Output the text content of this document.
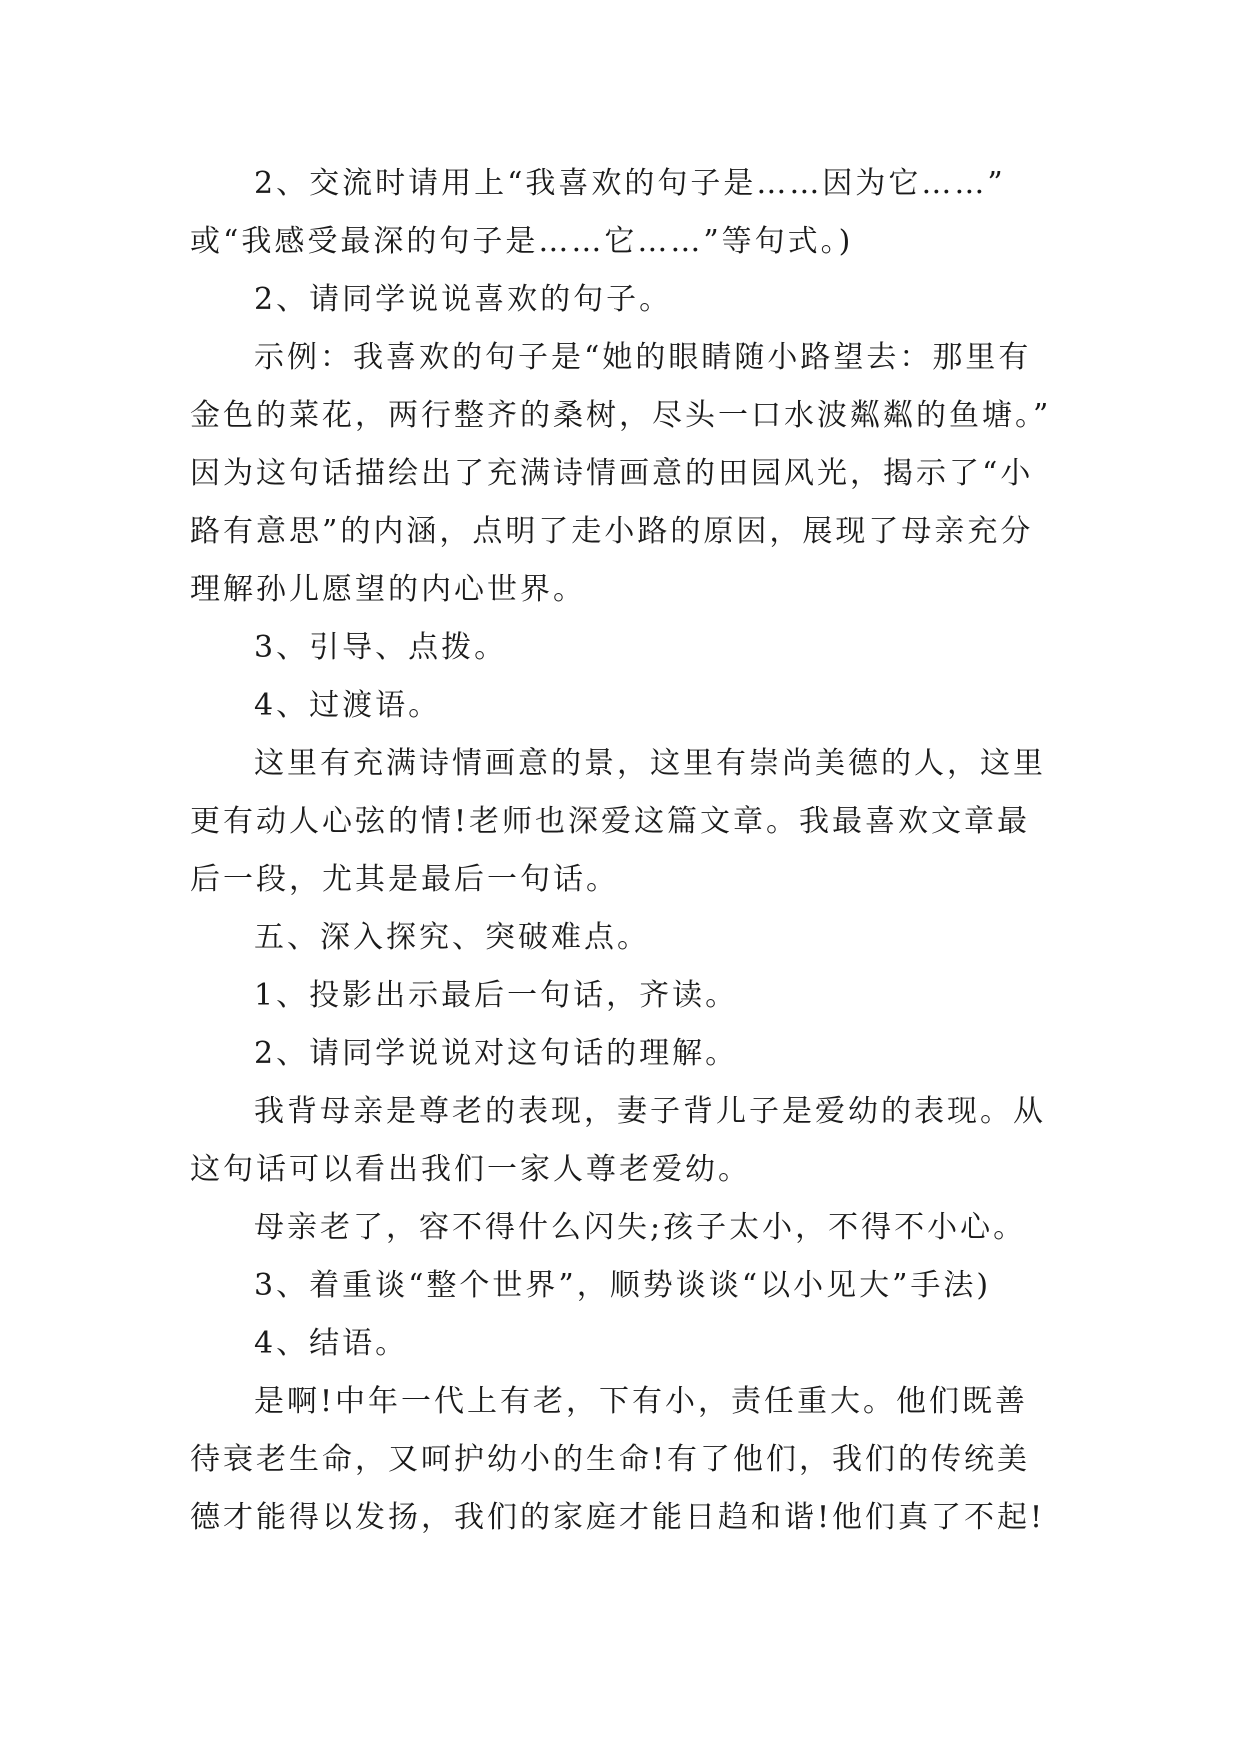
2、交流时请用上“我喜欢的句子是……因为它……”

或“我感受最深的句子是……它……”等句式。)

2、请同学说说喜欢的句子。

示例：我喜欢的句子是“她的眼睛随小路望去：那里有

金色的菜花，两行整齐的桑树，尽头一口水波粼粼的鱼塘。”

因为这句话描绘出了充满诗情画意的田园风光，揭示了“小

路有意思”的内涵，点明了走小路的原因，展现了母亲充分

理解孙儿愿望的内心世界。

3、引导、点拨。

4、过渡语。

这里有充满诗情画意的景，这里有崇尚美德的人，这里

更有动人心弦的情!老师也深爱这篇文章。我最喜欢文章最

后一段，尤其是最后一句话。

五、深入探究、突破难点。

1、投影出示最后一句话，齐读。

2、请同学说说对这句话的理解。

我背母亲是尊老的表现，妻子背儿子是爱幼的表现。从

这句话可以看出我们一家人尊老爱幼。

母亲老了，容不得什么闪失;孩子太小，不得不小心。

3、着重谈“整个世界”，顺势谈谈“以小见大”手法)

4、结语。

是啊!中年一代上有老，下有小，责任重大。他们既善

待衰老生命，又呵护幼小的生命!有了他们，我们的传统美

德才能得以发扬，我们的家庭才能日趋和谐!他们真了不起!
